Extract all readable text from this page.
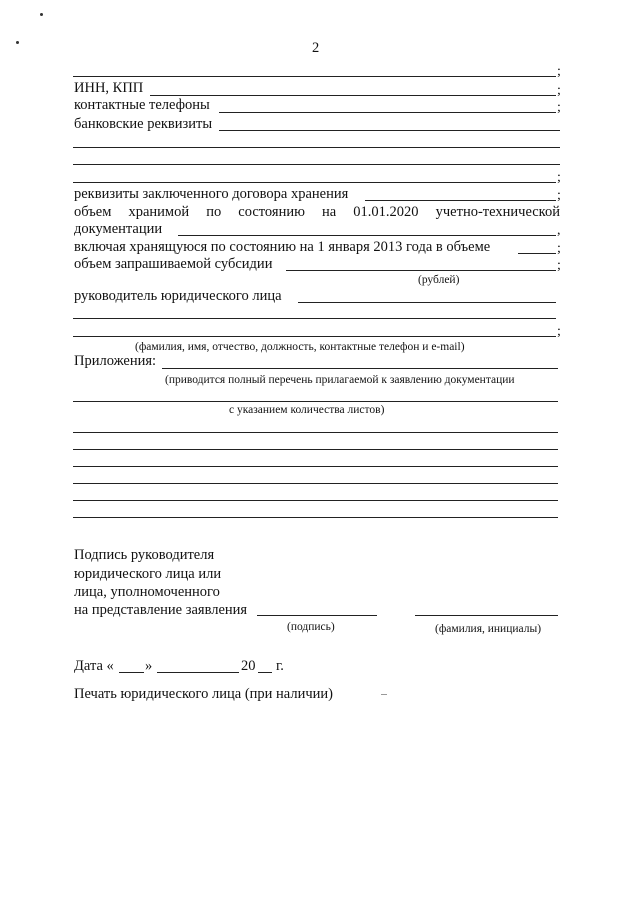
2
;
ИНН, КПП	;
контактные телефоны	;
банковские реквизиты
;
реквизиты заключенного договора хранения	;
объем хранимой по состоянию на 01.01.2020 учетно-технической
документации	,
включая хранящуюся по состоянию на 1 января 2013 года в объеме	;
объем запрашиваемой субсидии	;
(рублей)
руководитель юридического лица
;
(фамилия, имя, отчество, должность, контактные телефон и e-mail)
Приложения:
(приводится полный перечень прилагаемой к заявлению документации
с указанием количества листов)
Подпись руководителя
юридического лица или
лица, уполномоченного
на представление заявления
(подпись)	(фамилия, инициалы)
Дата « »	20 г.
Печать юридического лица (при наличии)
